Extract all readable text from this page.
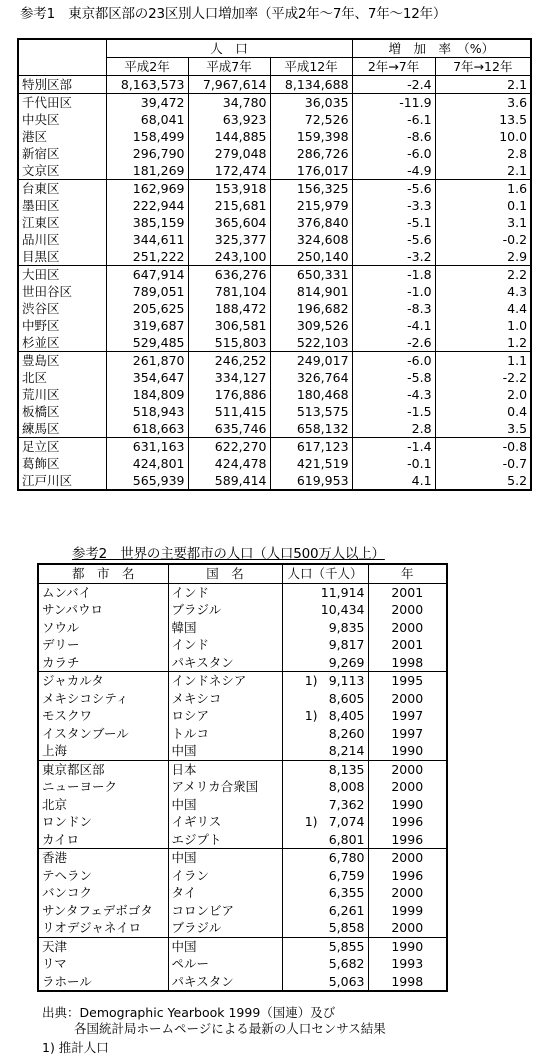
参考1　東京都区部の23区別人口増加率（平成2年～7年、7年～12年）
	人　口			増　加　率　（%）	
	平成2年	平成7年	平成12年	2年→7年	7年→12年
特別区部	8,163,573	7,967,614	8,134,688	-2.4	2.1
千代田区	39,472	34,780	36,035	-11.9	3.6
中央区	68,041	63,923	72,526	-6.1	13.5
港区	158,499	144,885	159,398	-8.6	10.0
新宿区	296,790	279,048	286,726	-6.0	2.8
文京区	181,269	172,474	176,017	-4.9	2.1
台東区	162,969	153,918	156,325	-5.6	1.6
墨田区	222,944	215,681	215,979	-3.3	0.1
江東区	385,159	365,604	376,840	-5.1	3.1
品川区	344,611	325,377	324,608	-5.6	-0.2
目黒区	251,222	243,100	250,140	-3.2	2.9
大田区	647,914	636,276	650,331	-1.8	2.2
世田谷区	789,051	781,104	814,901	-1.0	4.3
渋谷区	205,625	188,472	196,682	-8.3	4.4
中野区	319,687	306,581	309,526	-4.1	1.0
杉並区	529,485	515,803	522,103	-2.6	1.2
豊島区	261,870	246,252	249,017	-6.0	1.1
北区	354,647	334,127	326,764	-5.8	-2.2
荒川区	184,809	176,886	180,468	-4.3	2.0
板橋区	518,943	511,415	513,575	-1.5	0.4
練馬区	618,663	635,746	658,132	2.8	3.5
足立区	631,163	622,270	617,123	-1.4	-0.8
葛飾区	424,801	424,478	421,519	-0.1	-0.7
江戸川区	565,939	589,414	619,953	4.1	5.2
参考2　世界の主要都市の人口（人口500万人以上）
都　市　名	国　名	人口（千人）	年
ムンバイ	インド	11,914	2001
サンパウロ	ブラジル	10,434	2000
ソウル	韓国	9,835	2000
デリー	インド	9,817	2001
カラチ	パキスタン	9,269	1998
ジャカルタ	インドネシア	1) 9,113	1995
メキシコシティ	メキシコ	8,605	2000
モスクワ	ロシア	1) 8,405	1997
イスタンブール	トルコ	8,260	1997
上海	中国	8,214	1990
東京都区部	日本	8,135	2000
ニューヨーク	アメリカ合衆国	8,008	2000
北京	中国	7,362	1990
ロンドン	イギリス	1) 7,074	1996
カイロ	エジプト	6,801	1996
香港	中国	6,780	2000
テヘラン	イラン	6,759	1996
バンコク	タイ	6,355	2000
サンタフェデボゴタ	コロンビア	6,261	1999
リオデジャネイロ	ブラジル	5,858	2000
天津	中国	5,855	1990
リマ	ペルー	5,682	1993
ラホール	パキスタン	5,063	1998
出典：Demographic Yearbook 1999（国連）及び
各国統計局ホームページによる最新の人口センサス結果
1) 推計人口
